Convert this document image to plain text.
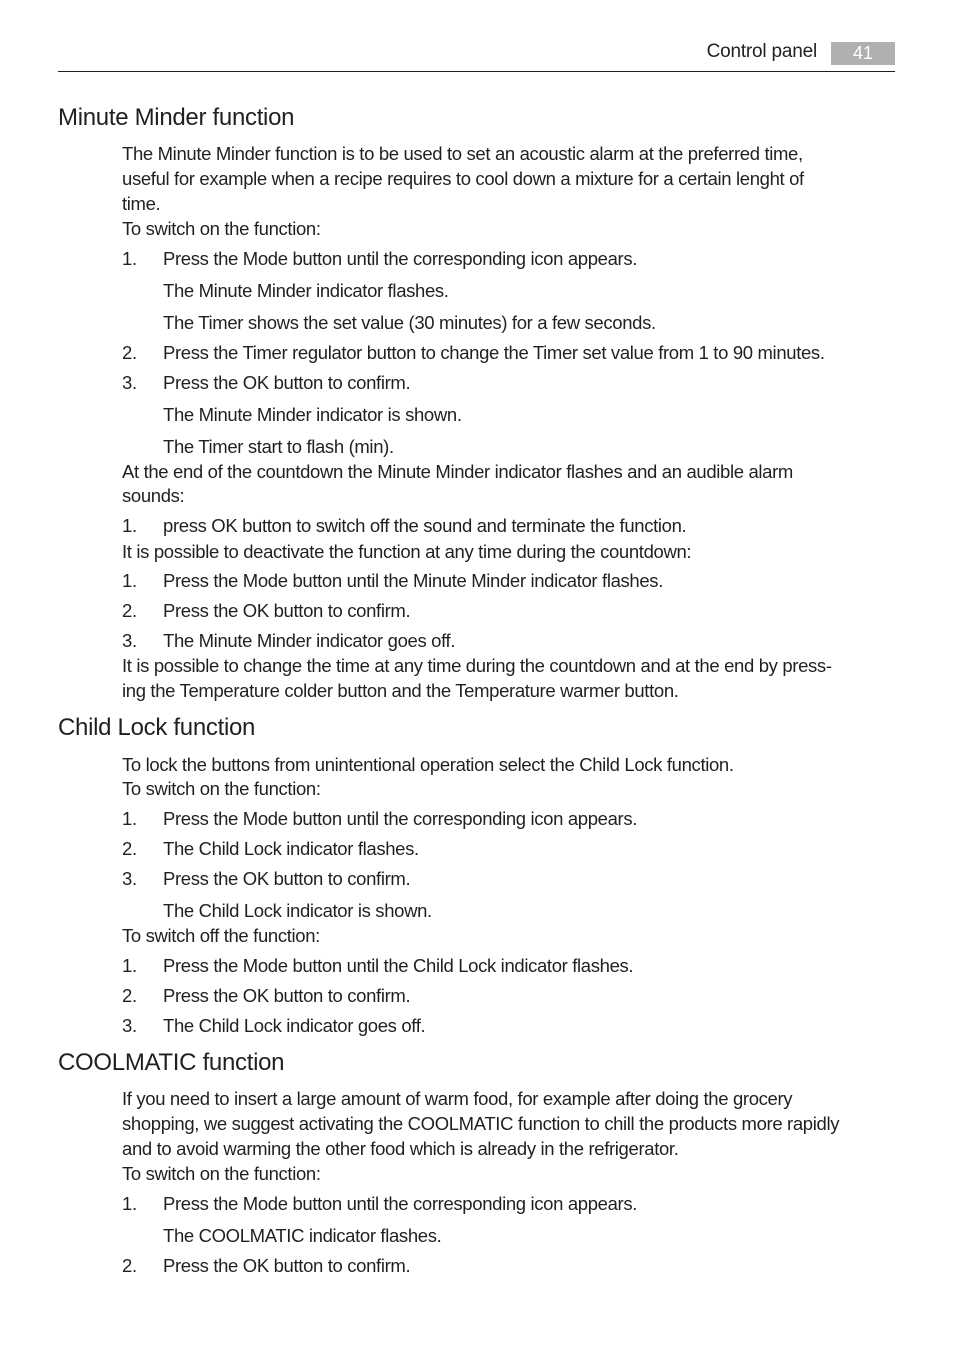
Control panel	41
Minute Minder function
The Minute Minder function is to be used to set an acoustic alarm at the preferred time,
useful for example when a recipe requires to cool down a mixture for a certain lenght of
time.
To switch on the function:
1. Press the Mode button until the corresponding icon appears.
The Minute Minder indicator flashes.
The Timer shows the set value (30 minutes) for a few seconds.
2. Press the Timer regulator button to change the Timer set value from 1 to 90 minutes.
3. Press the OK button to confirm.
The Minute Minder indicator is shown.
The Timer start to flash (min).
At the end of the countdown the Minute Minder indicator flashes and an audible alarm
sounds:
1. press OK button to switch off the sound and terminate the function.
It is possible to deactivate the function at any time during the countdown:
1. Press the Mode button until the Minute Minder indicator flashes.
2. Press the OK button to confirm.
3. The Minute Minder indicator goes off.
It is possible to change the time at any time during the countdown and at the end by press-
ing the Temperature colder button and the Temperature warmer button.
Child Lock function
To lock the buttons from unintentional operation select the Child Lock function.
To switch on the function:
1. Press the Mode button until the corresponding icon appears.
2. The Child Lock indicator flashes.
3. Press the OK button to confirm.
The Child Lock indicator is shown.
To switch off the function:
1. Press the Mode button until the Child Lock indicator flashes.
2. Press the OK button to confirm.
3. The Child Lock indicator goes off.
COOLMATIC function
If you need to insert a large amount of warm food, for example after doing the grocery
shopping, we suggest activating the COOLMATIC function to chill the products more rapidly
and to avoid warming the other food which is already in the refrigerator.
To switch on the function:
1. Press the Mode button until the corresponding icon appears.
The COOLMATIC indicator flashes.
2. Press the OK button to confirm.
